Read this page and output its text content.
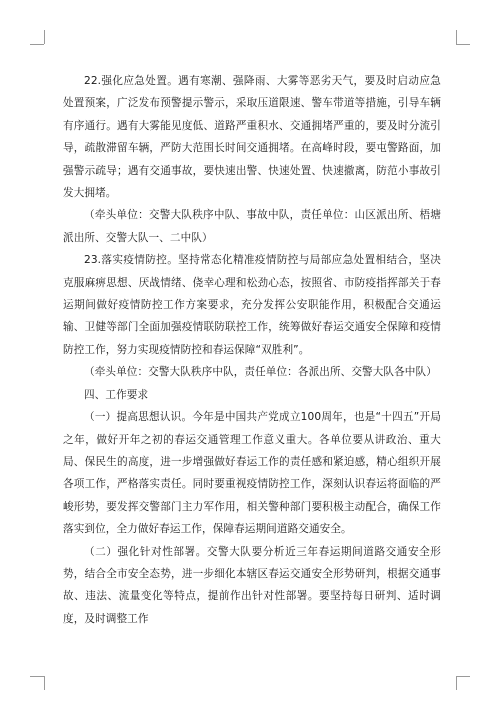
22.强化应急处置。遇有寒潮、强降雨、大雾等恶劣天气，要及时启动应急处置预案，广泛发布预警提示警示，采取压道限速、警车带道等措施，引导车辆有序通行。遇有大雾能见度低、道路严重积水、交通拥堵严重的，要及时分流引导，疏散滞留车辆，严防大范围长时间交通拥堵。在高峰时段，要屯警路面，加强警示疏导；遇有交通事故，要快速出警、快速处置、快速撤离，防范小事故引发大拥堵。

（牵头单位：交警大队秩序中队、事故中队，责任单位：山区派出所、梧塘派出所、交警大队一、二中队）

23.落实疫情防控。坚持常态化精准疫情防控与局部应急处置相结合，坚决克服麻痹思想、厌战情绪、侥幸心理和松劲心态，按照省、市防疫指挥部关于春运期间做好疫情防控工作方案要求，充分发挥公安职能作用，积极配合交通运输、卫健等部门全面加强疫情联防联控工作，统筹做好春运交通安全保障和疫情防控工作，努力实现疫情防控和春运保障“双胜利”。

（牵头单位：交警大队秩序中队，责任单位：各派出所、交警大队各中队）

四、工作要求

（一）提高思想认识。今年是中国共产党成立100周年，也是“十四五”开局之年，做好开年之初的春运交通管理工作意义重大。各单位要从讲政治、重大局、保民生的高度，进一步增强做好春运工作的责任感和紧迫感，精心组织开展各项工作，严格落实责任。同时要重视疫情防控工作，深刻认识春运将面临的严峻形势，要发挥交警部门主力军作用，相关警种部门要积极主动配合，确保工作落实到位，全力做好春运工作，保障春运期间道路交通安全。

（二）强化针对性部署。交警大队要分析近三年春运期间道路交通安全形势，结合全市安全态势，进一步细化本辖区春运交通安全形势研判，根据交通事故、违法、流量变化等特点，提前作出针对性部署。要坚持每日研判、适时调度，及时调整工作
